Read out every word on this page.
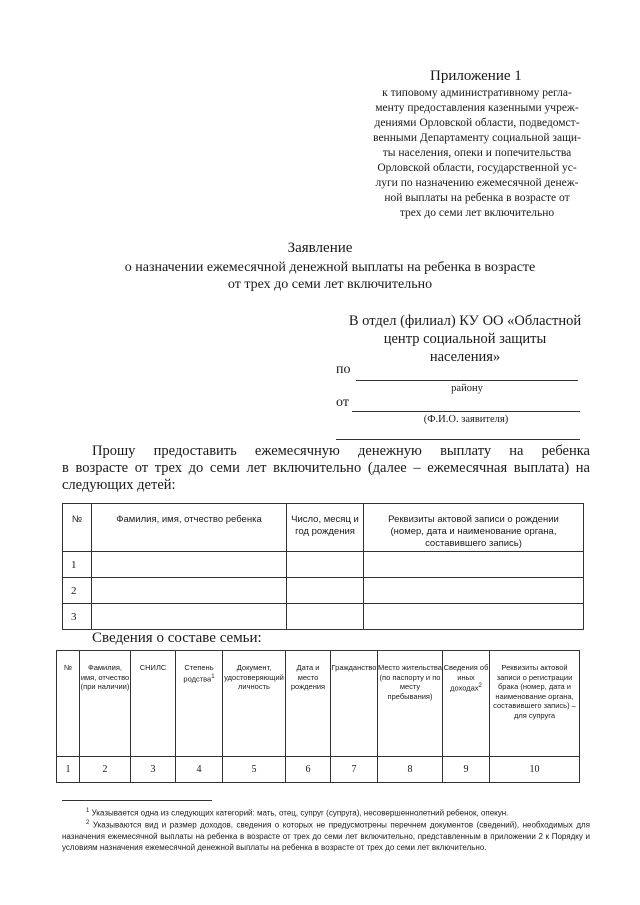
Приложение 1
к типовому административному регла-
менту предоставления казенными учреж-
дениями Орловской области, подведомст-
венными Департаменту социальной защи-
ты населения, опеки и попечительства
Орловской области, государственной ус-
луги по назначению ежемесячной денеж-
ной выплаты на ребенка в возрасте от
трех до семи лет включительно
Заявление
о назначении ежемесячной денежной выплаты на ребенка в возрасте
от трех до семи лет включительно
В отдел (филиал) КУ ОО «Областной
центр социальной защиты
населения»
по
району
от
(Ф.И.О. заявителя)
Прошу предоставить ежемесячную денежную выплату на ребенка
в возрасте от трех до семи лет включительно (далее – ежемесячная выплата) на следующих детей:
№	Фамилия, имя, отчество ребенка	Число, месяц и год рождения	Реквизиты актовой записи о рождении (номер, дата и наименование органа, составившего запись)
1			
2			
3			
Сведения о составе семьи:
№	Фамилия, имя, отчество (при наличии)	СНИЛС	Степень родства$^1$	Документ, удостоверяющий личность	Дата и место рождения	Гражданство	Место жительства (по паспорту и по месту пребывания)	Сведения об иных доходах$^2$	Реквизиты актовой записи о регистрации брака (номер, дата и наименование органа, составившего запись) – для супруга
1	2	3	4	5	6	7	8	9	10
$^1$ Указывается одна из следующих категорий: мать, отец, супруг (супруга), несовершеннолетний ребенок, опекун.
$^2$ Указываются вид и размер доходов, сведения о которых не предусмотрены перечнем документов (сведений), необходимых для назначения ежемесячной выплаты на ребенка в возрасте от трех до семи лет включительно, представленным в приложении 2 к Порядку и условиям назначения ежемесячной денежной выплаты на ребенка в возрасте от трех до семи лет включительно.
